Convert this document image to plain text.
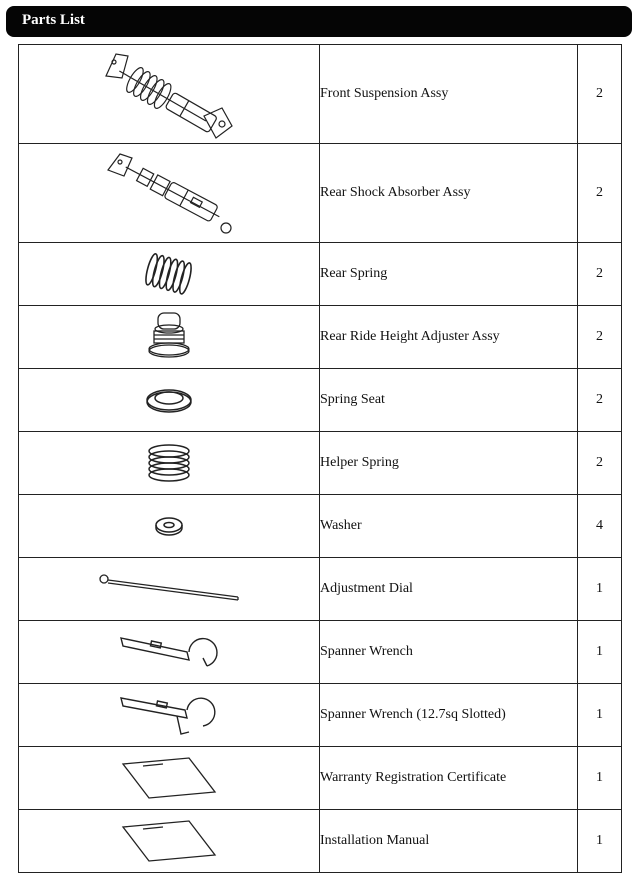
Parts List
	Front Suspension Assy	2

	Rear Shock Absorber Assy	2

	Rear Spring	2

	Rear Ride Height Adjuster Assy	2

	Spring Seat	2

	Helper Spring	2

	Washer	4

	Adjustment Dial	1

	Spanner Wrench	1

	Spanner Wrench (12.7sq Slotted)	1

	Warranty Registration Certificate	1

	Installation Manual	1
